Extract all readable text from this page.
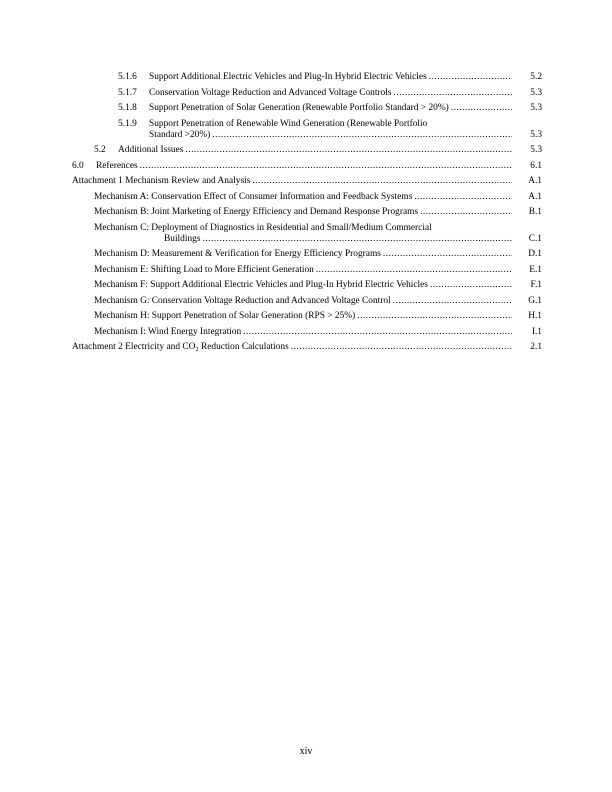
5.1.6 Support Additional Electric Vehicles and Plug-In Hybrid Electric Vehicles .....	5.2
5.1.7 Conservation Voltage Reduction and Advanced Voltage Controls .....	5.3
5.1.8 Support Penetration of Solar Generation (Renewable Portfolio Standard > 20%) .....	5.3
5.1.9 Support Penetration of Renewable Wind Generation (Renewable Portfolio
Standard >20%) .....	5.3
5.2 Additional Issues .....	5.3
6.0 References .....	6.1
Attachment 1 Mechanism Review and Analysis .....	A.1
Mechanism A: Conservation Effect of Consumer Information and Feedback Systems .....	A.1
Mechanism B: Joint Marketing of Energy Efficiency and Demand Response Programs .....	B.1
Mechanism C: Deployment of Diagnostics in Residential and Small/Medium Commercial
Buildings .....	C.1
Mechanism D: Measurement & Verification for Energy Efficiency Programs .....	D.1
Mechanism E: Shifting Load to More Efficient Generation .....	E.1
Mechanism F: Support Additional Electric Vehicles and Plug-In Hybrid Electric Vehicles .....	F.1
Mechanism G: Conservation Voltage Reduction and Advanced Voltage Control .....	G.1
Mechanism H: Support Penetration of Solar Generation (RPS > 25%) .....	H.1
Mechanism I: Wind Energy Integration .....	I.1
Attachment 2 Electricity and $CO_2$ Reduction Calculations .....	2.1
xiv
